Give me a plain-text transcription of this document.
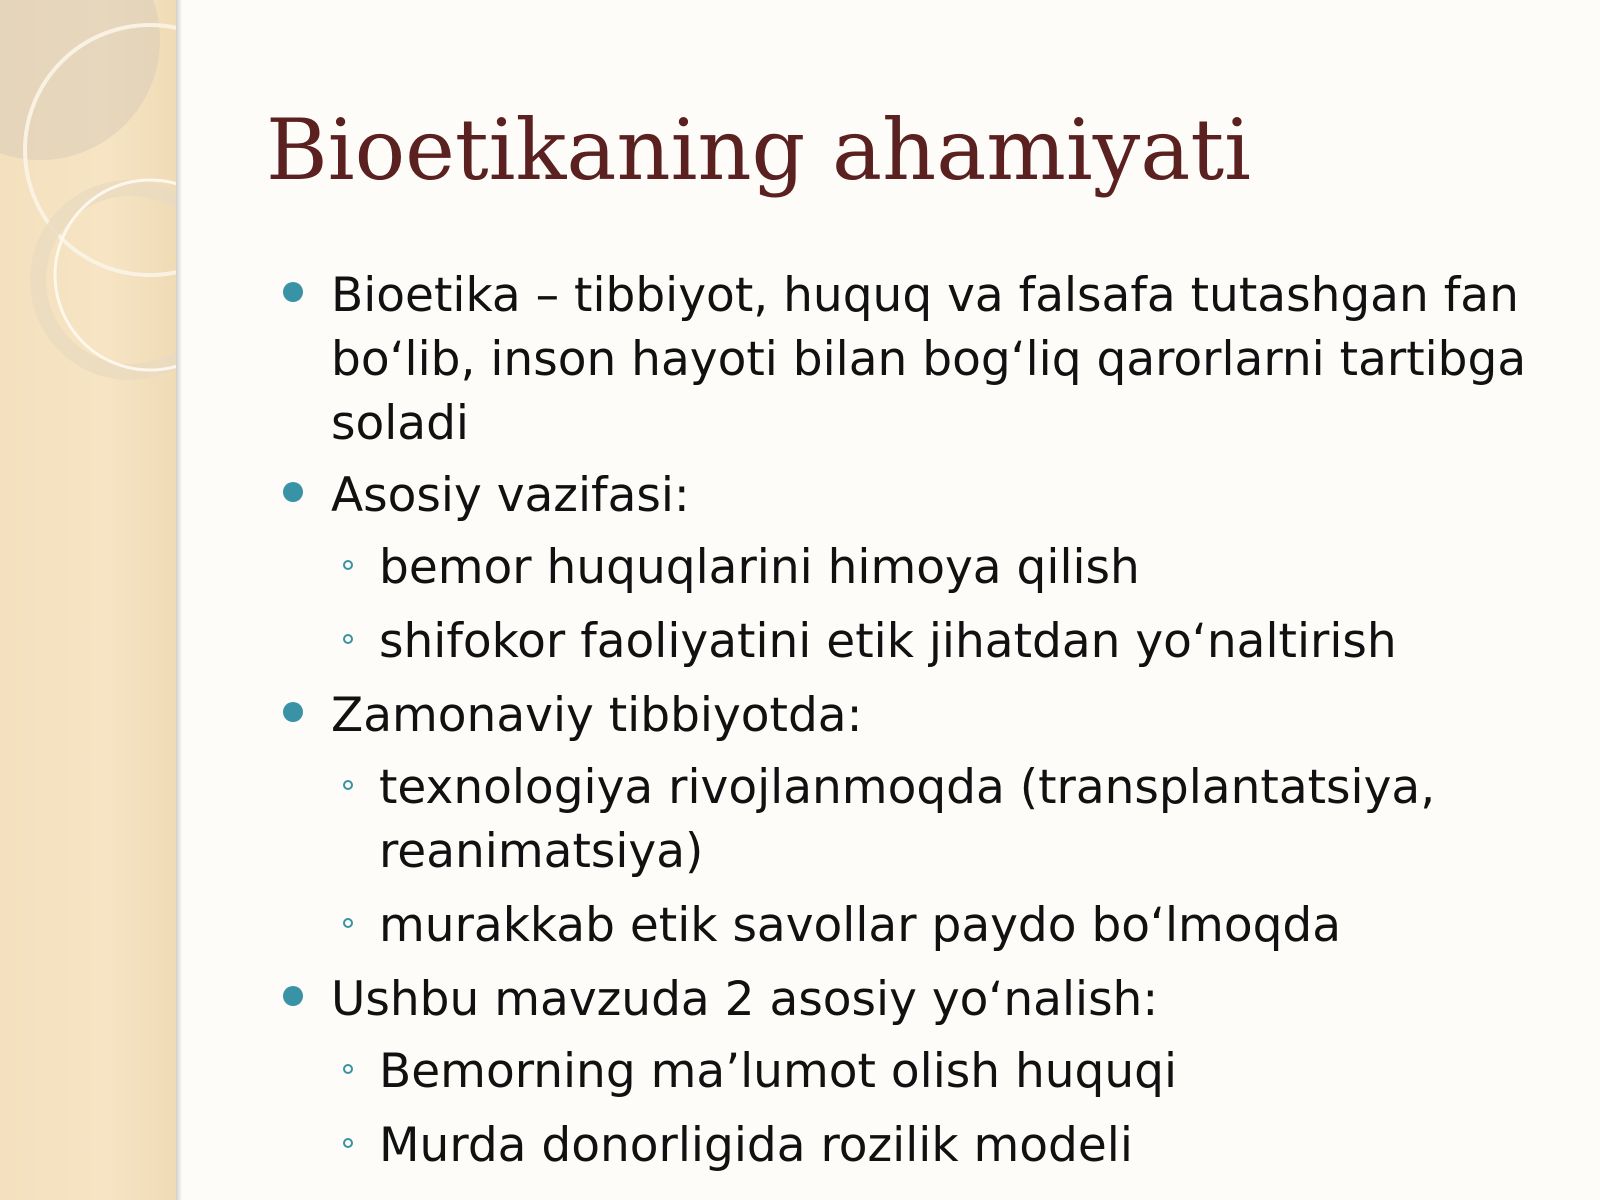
Bioetikaning ahamiyati
Bioetika – tibbiyot, huquq va falsafa tutashgan fan bo‘lib, inson hayoti bilan bog‘liq qarorlarni tartibga soladi
Asosiy vazifasi:
bemor huquqlarini himoya qilish
shifokor faoliyatini etik jihatdan yo‘naltirish
Zamonaviy tibbiyotda:
texnologiya rivojlanmoqda (transplantatsiya, reanimatsiya)
murakkab etik savollar paydo bo‘lmoqda
Ushbu mavzuda 2 asosiy yo‘nalish:
Bemorning ma’lumot olish huquqi
Murda donorligida rozilik modeli
